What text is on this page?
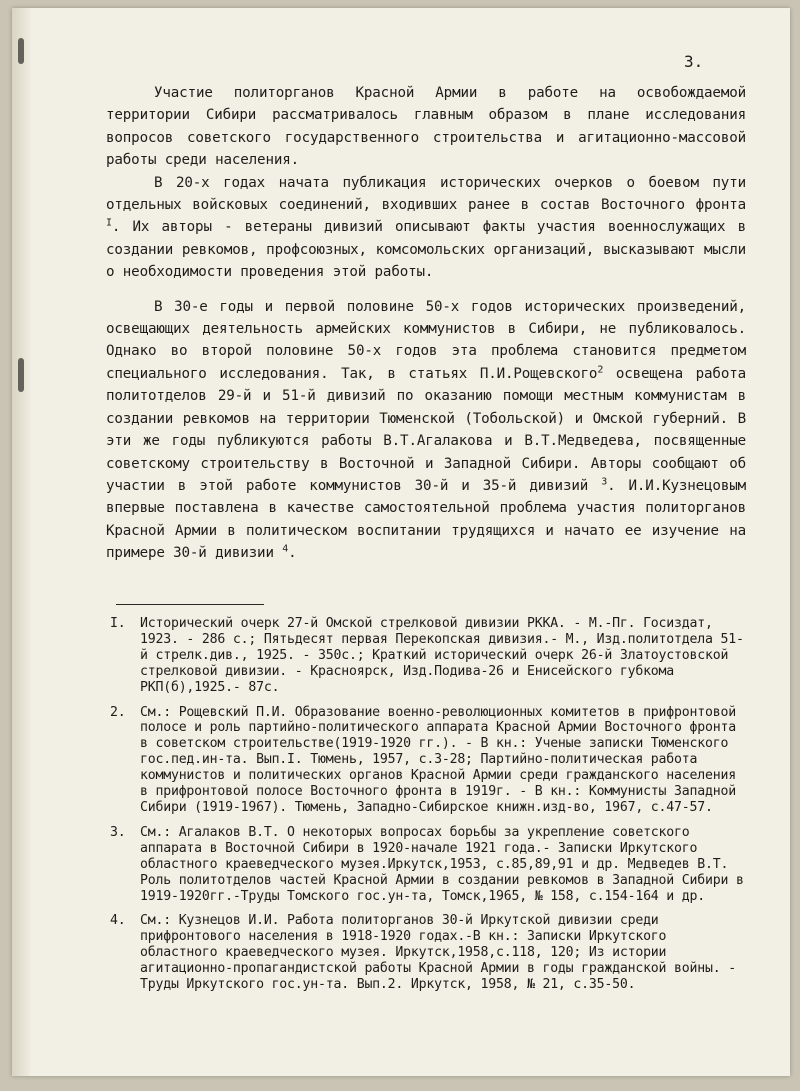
3.

Участие политорганов Красной Армии в работе на освобождаемой территории Сибири рассматривалось главным образом в плане исследования вопросов советского государственного строительства и агитационно-массовой работы среди населения.

В 20-х годах начата публикация исторических очерков о боевом пути отдельных войсковых соединений, входивших ранее в состав Восточного фронта $^I$. Их авторы - ветераны дивизий описывают факты участия военнослужащих в создании ревкомов, профсоюзных, комсомольских организаций, высказывают мысли о необходимости проведения этой работы.

В 30-е годы и первой половине 50-х годов исторических произведений, освещающих деятельность армейских коммунистов в Сибири, не публиковалось. Однако во второй половине 50-х годов эта проблема становится предметом специального исследования. Так, в статьях П.И.Рощевского$^2$ освещена работа политотделов 29-й и 51-й дивизий по оказанию помощи местным коммунистам в создании ревкомов на территории Тюменской (Тобольской) и Омской губерний. В эти же годы публикуются работы В.Т.Агалакова и В.Т.Медведева, посвященные советскому строительству в Восточной и Западной Сибири. Авторы сообщают об участии в этой работе коммунистов 30-й и 35-й дивизий $^3$. И.И.Кузнецовым впервые поставлена в качестве самостоятельной проблема участия политорганов Красной Армии в политическом воспитании трудящихся и начато ее изучение на примере 30-й дивизии $^4$.

I.	Исторический очерк 27-й Омской стрелковой дивизии РККА. - М.-Пг. Госиздат, 1923. - 286 с.; Пятьдесят первая Перекопская дивизия.- М., Изд.политотдела 51-й стрелк.див., 1925. - 350с.; Краткий исторический очерк 26-й Златоустовской стрелковой дивизии. - Красноярск, Изд.Подива-26 и Енисейского губкома РКП(б),1925.- 87с.
2.	См.: Рощевский П.И. Образование военно-революционных комитетов в прифронтовой полосе и роль партийно-политического аппарата Красной Армии Восточного фронта в советском строительстве(1919-1920 гг.). - В кн.: Ученые записки Тюменского гос.пед.ин-та. Вып.I. Тюмень, 1957, с.3-28; Партийно-политическая работа коммунистов и политических органов Красной Армии среди гражданского населения в прифронтовой полосе Восточного фронта в 1919г. - В кн.: Коммунисты Западной Сибири (1919-1967). Тюмень, Западно-Сибирское книжн.изд-во, 1967, с.47-57.
3.	См.: Агалаков В.Т. О некоторых вопросах борьбы за укрепление советского аппарата в Восточной Сибири в 1920-начале 1921 года.- Записки Иркутского областного краеведческого музея.Иркутск,1953, с.85,89,91 и др. Медведев В.Т. Роль политотделов частей Красной Армии в создании ревкомов в Западной Сибири в 1919-1920гг.-Труды Томского гос.ун-та, Томск,1965, № 158, с.154-164 и др.
4.	См.: Кузнецов И.И. Работа политорганов 30-й Иркутской дивизии среди прифронтового населения в 1918-1920 годах.-В кн.: Записки Иркутского областного краеведческого музея. Иркутск,1958,с.118, 120; Из истории агитационно-пропагандистской работы Красной Армии в годы гражданской войны. - Труды Иркутского гос.ун-та. Вып.2. Иркутск, 1958, № 21, с.35-50.
